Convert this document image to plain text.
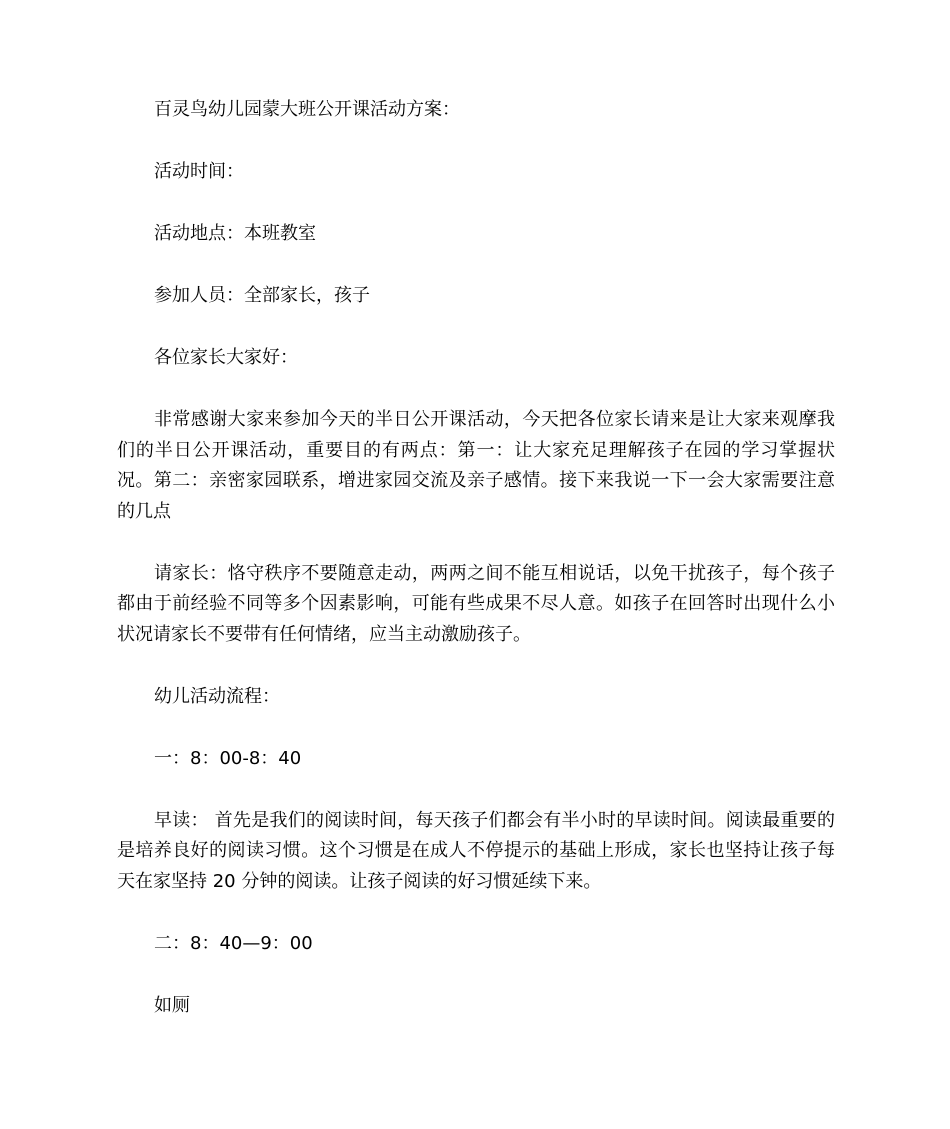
百灵鸟幼儿园蒙大班公开课活动方案：

活动时间：

活动地点：本班教室

参加人员：全部家长，孩子

各位家长大家好：

非常感谢大家来参加今天的半日公开课活动，今天把各位家长请来是让大家来观摩我们的半日公开课活动，重要目的有两点：第一：让大家充足理解孩子在园的学习掌握状况。第二：亲密家园联系，增进家园交流及亲子感情。接下来我说一下一会大家需要注意的几点

请家长：恪守秩序不要随意走动，两两之间不能互相说话，以免干扰孩子，每个孩子都由于前经验不同等多个因素影响，可能有些成果不尽人意。如孩子在回答时出现什么小状况请家长不要带有任何情绪，应当主动激励孩子。

幼儿活动流程：

一：8：00-8：40

早读： 首先是我们的阅读时间，每天孩子们都会有半小时的早读时间。阅读最重要的是培养良好的阅读习惯。这个习惯是在成人不停提示的基础上形成，家长也坚持让孩子每天在家坚持 20 分钟的阅读。让孩子阅读的好习惯延续下来。

二：8：40—9：00

如厕
